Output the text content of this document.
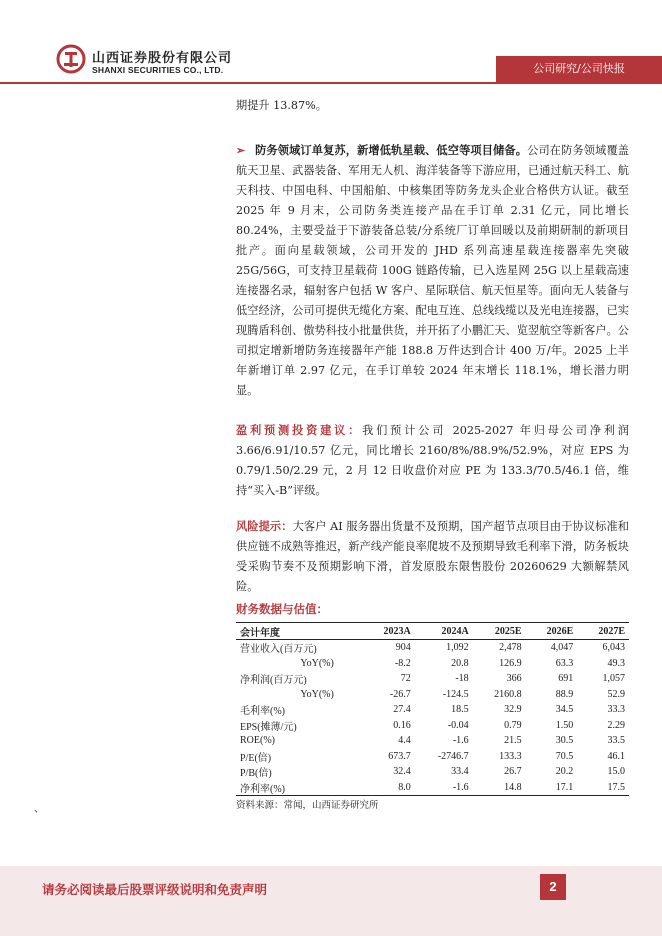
山西证券股份有限公司
SHANXI SECURITIES CO., LTD.	公司研究/公司快报

期提升 13.87%。

➢ 防务领域订单复苏，新增低轨星载、低空等项目储备。公司在防务领域覆盖航天卫星、武器装备、军用无人机、海洋装备等下游应用，已通过航天科工、航天科技、中国电科、中国船舶、中核集团等防务龙头企业合格供方认证。截至 2025 年 9 月末，公司防务类连接产品在手订单 2.31 亿元，同比增长 80.24%，主要受益于下游装备总装/分系统厂订单回暖以及前期研制的新项目批产。面向星载领域，公司开发的 JHD 系列高速星载连接器率先突破 25G/56G，可支持卫星载荷 100G 链路传输，已入选星网 25G 以上星载高速连接器名录，辐射客户包括 W 客户、星际联信、航天恒星等。面向无人装备与低空经济，公司可提供无缆化方案、配电互连、总线线缆以及光电连接器，已实现腾盾科创、傲势科技小批量供货，并开拓了小鹏汇天、览翌航空等新客户。公司拟定增新增防务连接器年产能 188.8 万件达到合计 400 万/年。2025 上半年新增订单 2.97 亿元，在手订单较 2024 年末增长 118.1%，增长潜力明显。

盈利预测投资建议：我们预计公司 2025-2027 年归母公司净利润 3.66/6.91/10.57 亿元，同比增长 2160/8%/88.9%/52.9%，对应 EPS 为 0.79/1.50/2.29 元，2 月 12 日收盘价对应 PE 为 133.3/70.5/46.1 倍，维持“买入-B”评级。

风险提示：大客户 AI 服务器出货量不及预期，国产超节点项目由于协议标准和供应链不成熟等推迟，新产线产能良率爬坡不及预期导致毛利率下滑，防务板块受采购节奏不及预期影响下滑，首发原股东限售股份 20260629 大额解禁风险。

财务数据与估值：
会计年度	2023A	2024A	2025E	2026E	2027E
营业收入(百万元)	904	1,092	2,478	4,047	6,043
YoY(%)	-8.2	20.8	126.9	63.3	49.3
净利润(百万元)	72	-18	366	691	1,057
YoY(%)	-26.7	-124.5	2160.8	88.9	52.9
毛利率(%)	27.4	18.5	32.9	34.5	33.3
EPS(摊薄/元)	0.16	-0.04	0.79	1.50	2.29
ROE(%)	4.4	-1.6	21.5	30.5	33.5
P/E(倍)	673.7	-2746.7	133.3	70.5	46.1
P/B(倍)	32.4	33.4	26.7	20.2	15.0
净利率(%)	8.0	-1.6	14.8	17.1	17.5
资料来源：常闻，山西证券研究所
、
请务必阅读最后股票评级说明和免责声明	2
